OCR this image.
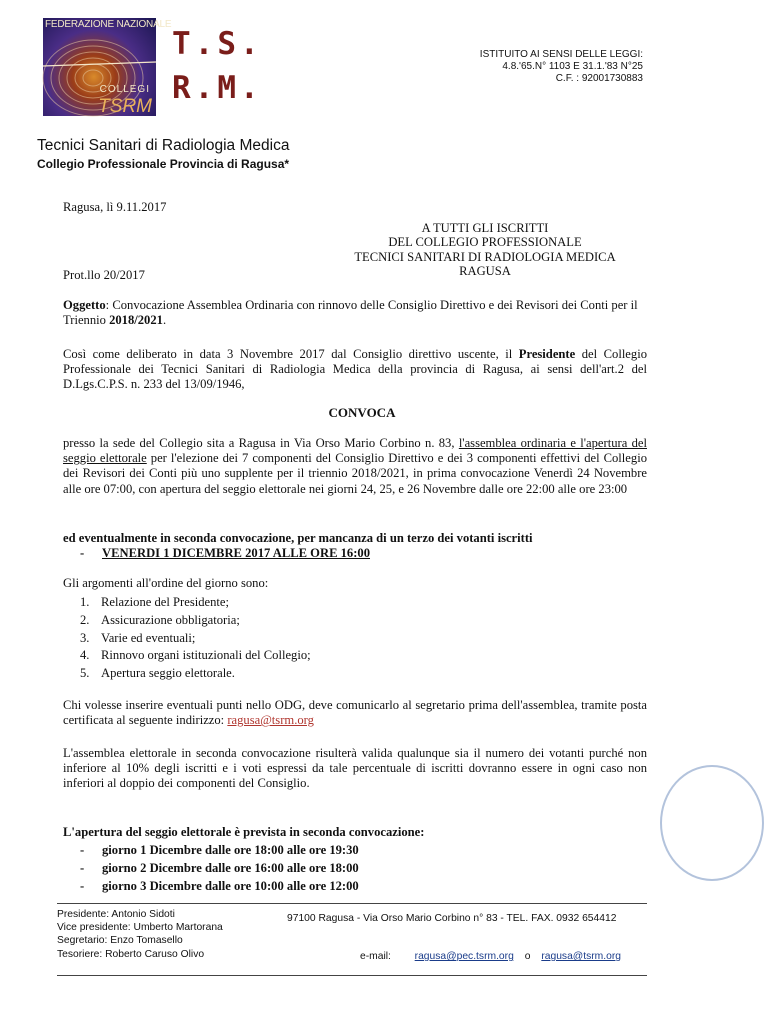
FEDERAZIONE NAZIONALE
COLLEGI
TSRM
T.S.
R.M.
ISTITUITO AI SENSI DELLE LEGGI:
4.8.'65.N° 1103 E 31.1.'83 N°25
C.F. : 92001730883
Tecnici Sanitari di Radiologia Medica
Collegio Professionale Provincia di Ragusa*
Ragusa, lì 9.11.2017
A TUTTI GLI ISCRITTI
DEL COLLEGIO PROFESSIONALE
TECNICI SANITARI DI RADIOLOGIA MEDICA
RAGUSA
Prot.llo 20/2017
Oggetto: Convocazione Assemblea Ordinaria con rinnovo delle Consiglio Direttivo e dei Revisori dei Conti per il Triennio 2018/2021.
Così come deliberato in data 3 Novembre 2017 dal Consiglio direttivo uscente, il Presidente del Collegio Professionale dei Tecnici Sanitari di Radiologia Medica della provincia di Ragusa, ai sensi dell'art.2 del D.Lgs.C.P.S. n. 233 del 13/09/1946,
CONVOCA
presso la sede del Collegio sita a Ragusa in Via Orso Mario Corbino n. 83, l'assemblea ordinaria e l'apertura del seggio elettorale per l'elezione dei 7 componenti del Consiglio Direttivo e dei 3 componenti effettivi del Collegio dei Revisori dei Conti più uno supplente per il triennio 2018/2021, in prima convocazione Venerdì 24 Novembre alle ore 07:00, con apertura del seggio elettorale nei giorni 24, 25, e 26 Novembre dalle ore 22:00 alle ore 23:00
ed eventualmente in seconda convocazione, per mancanza di un terzo dei votanti iscritti
- VENERDI 1 DICEMBRE 2017 ALLE ORE 16:00
Gli argomenti all'ordine del giorno sono:
1. Relazione del Presidente;
2. Assicurazione obbligatoria;
3. Varie ed eventuali;
4. Rinnovo organi istituzionali del Collegio;
5. Apertura seggio elettorale.
Chi volesse inserire eventuali punti nello ODG, deve comunicarlo al segretario prima dell'assemblea, tramite posta certificata al seguente indirizzo: ragusa@tsrm.org
L'assemblea elettorale in seconda convocazione risulterà valida qualunque sia il numero dei votanti purché non inferiore al 10% degli iscritti e i voti espressi da tale percentuale di iscritti dovranno essere in ogni caso non inferiori al doppio dei componenti del Consiglio.
L'apertura del seggio elettorale è prevista in seconda convocazione:
- giorno 1 Dicembre dalle ore 18:00 alle ore 19:30
- giorno 2 Dicembre dalle ore 16:00 alle ore 18:00
- giorno 3 Dicembre dalle ore 10:00 alle ore 12:00
Presidente: Antonio Sidoti
Vice presidente: Umberto Martorana
Segretario: Enzo Tomasello
Tesoriere: Roberto Caruso Olivo
97100 Ragusa - Via Orso Mario Corbino n° 83 - TEL. FAX. 0932 654412
e-mail: ragusa@pec.tsrm.org o ragusa@tsrm.org
